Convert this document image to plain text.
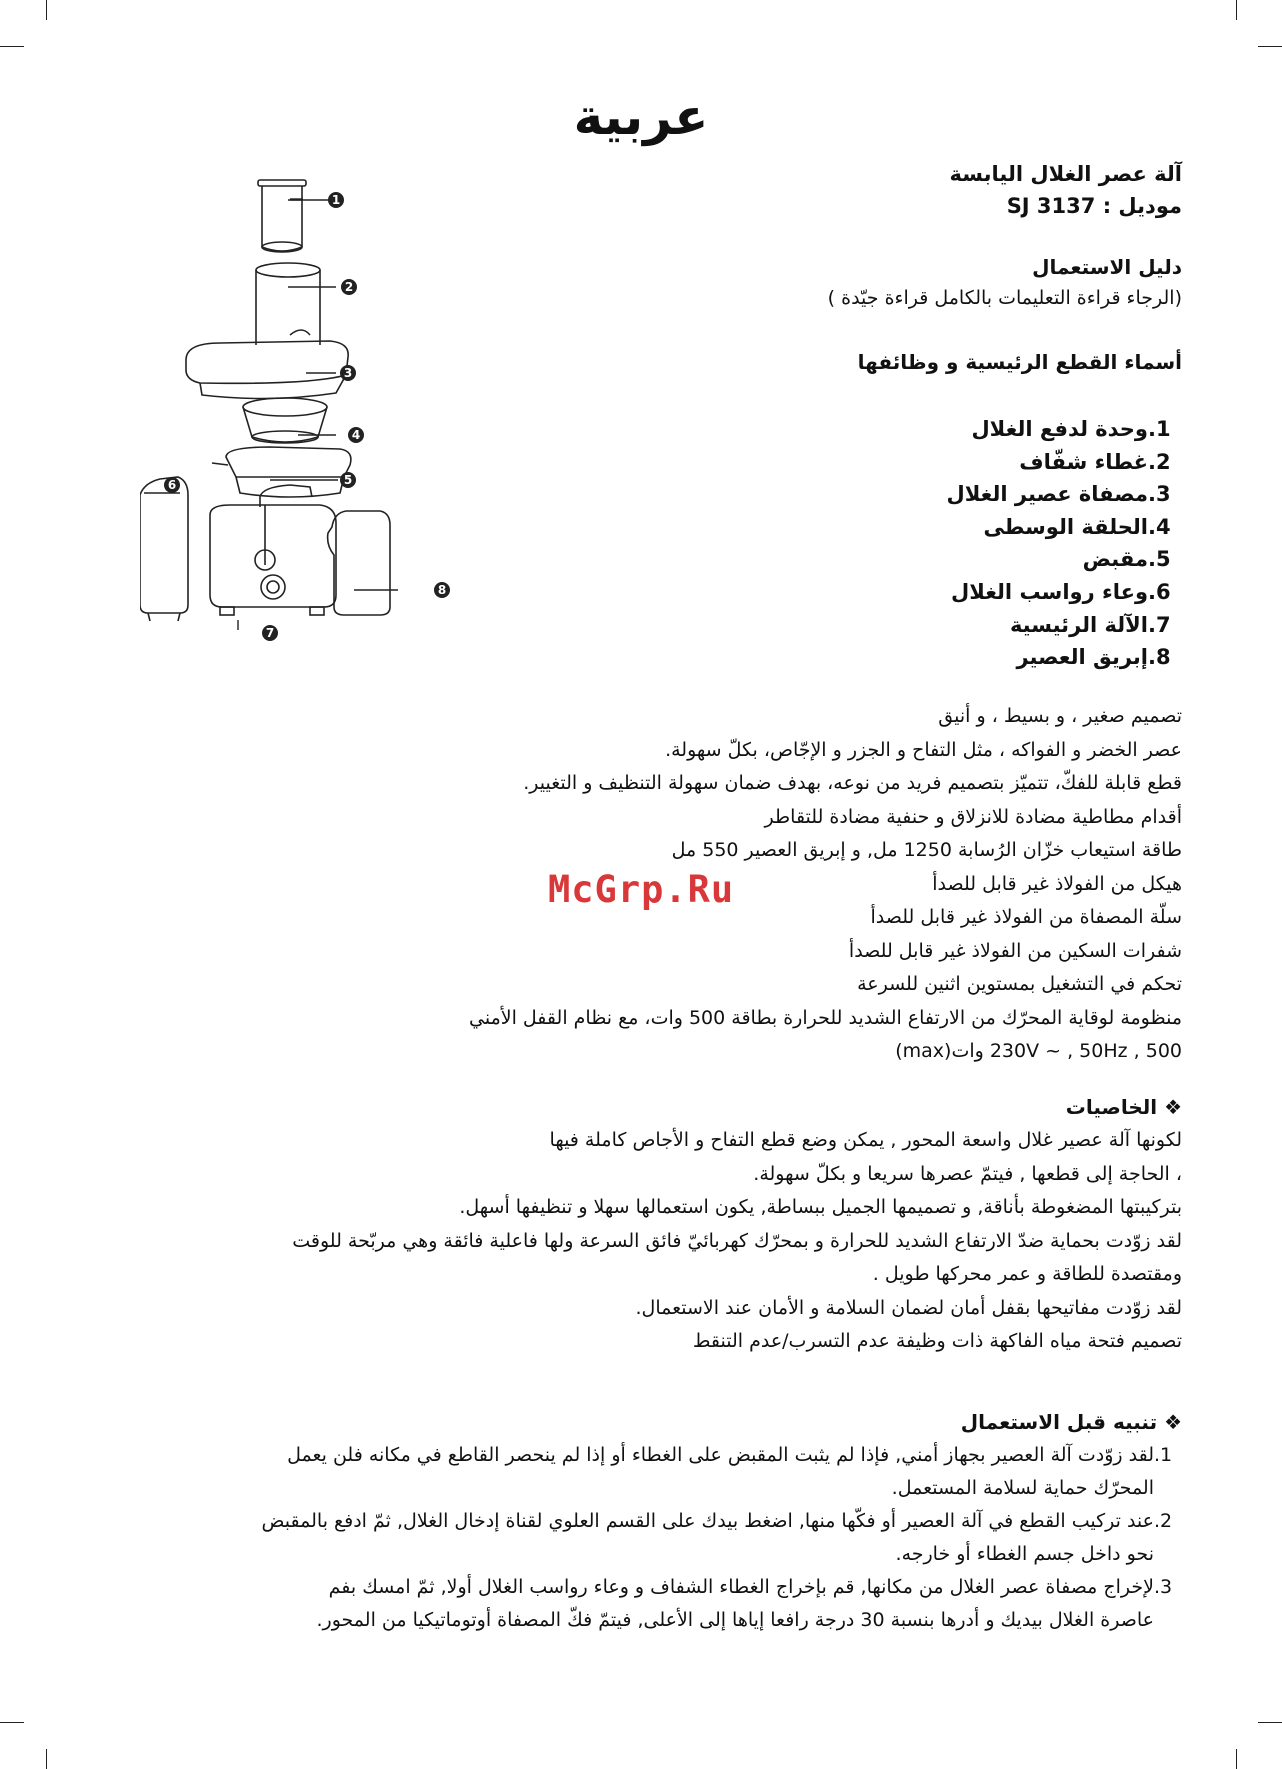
عربية
آلة عصر الغلال اليابسة
موديل : SJ 3137
دليل الاستعمال
(الرجاء قراءة التعليمات بالكامل قراءة جيّدة )
أسماء القطع الرئيسية و وظائفها
1.وحدة لدفع الغلال
2.غطاء شفّاف
3.مصفاة عصير الغلال
4.الحلقة الوسطى
5.مقبض
6.وعاء رواسب الغلال
7.الآلة الرئيسية
8.إبريق العصير
1
2
3
4
5
6
7
8
تصميم صغير ، و بسيط ، و أنيق
عصر الخضر و الفواكه ، مثل التفاح و الجزر و الإجّاص، بكلّ سهولة.
قطع قابلة للفكّ، تتميّز بتصميم فريد من نوعه، بهدف ضمان سهولة التنظيف و التغيير.
أقدام مطاطية مضادة للانزلاق و حنفية مضادة للتقاطر
طاقة استيعاب خزّان الرُسابة 1250 مل, و إبريق العصير 550 مل
هيكل من الفولاذ غير قابل للصدأ
سلّة المصفاة من الفولاذ غير قابل للصدأ
شفرات السكين من الفولاذ غير قابل للصدأ
تحكم في التشغيل بمستوين اثنين للسرعة
منظومة لوقاية المحرّك من الارتفاع الشديد للحرارة بطاقة 500 وات، مع نظام القفل الأمني
230V ~ , 50Hz , 500 وات(max)
McGrp.Ru
❖ الخاصيات
لكونها آلة عصير غلال واسعة المحور , يمكن وضع قطع التفاح و الأجاص كاملة فيها
، الحاجة إلى قطعها , فيتمّ عصرها سريعا و بكلّ سهولة.
بتركيبتها المضغوطة بأناقة, و تصميمها الجميل ببساطة, يكون استعمالها سهلا و تنظيفها أسهل.
لقد زوّدت بحماية ضدّ الارتفاع الشديد للحرارة و بمحرّك كهربائيّ فائق السرعة ولها فاعلية فائقة وهي مربّحة للوقت
ومقتصدة للطاقة و عمر محركها طويل .
لقد زوّدت مفاتيحها بقفل أمان لضمان السلامة و الأمان عند الاستعمال.
تصميم فتحة مياه الفاكهة ذات وظيفة عدم التسرب/عدم التنقط
❖ تنبيه قبل الاستعمال
1.لقد زوّدت آلة العصير بجهاز أمني, فإذا لم يثبت المقبض على الغطاء أو إذا لم ينحصر القاطع في مكانه فلن يعمل
المحرّك حماية لسلامة المستعمل.
2.عند تركيب القطع في آلة العصير أو فكّها منها, اضغط بيدك على القسم العلوي لقناة إدخال الغلال, ثمّ ادفع بالمقبض
نحو داخل جسم الغطاء أو خارجه.
3.لإخراج مصفاة عصر الغلال من مكانها, قم بإخراج الغطاء الشفاف و وعاء رواسب الغلال أولا, ثمّ امسك بفم
عاصرة الغلال بيديك و أدرها بنسبة 30 درجة رافعا إياها إلى الأعلى, فيتمّ فكّ المصفاة أوتوماتيكيا من المحور.
